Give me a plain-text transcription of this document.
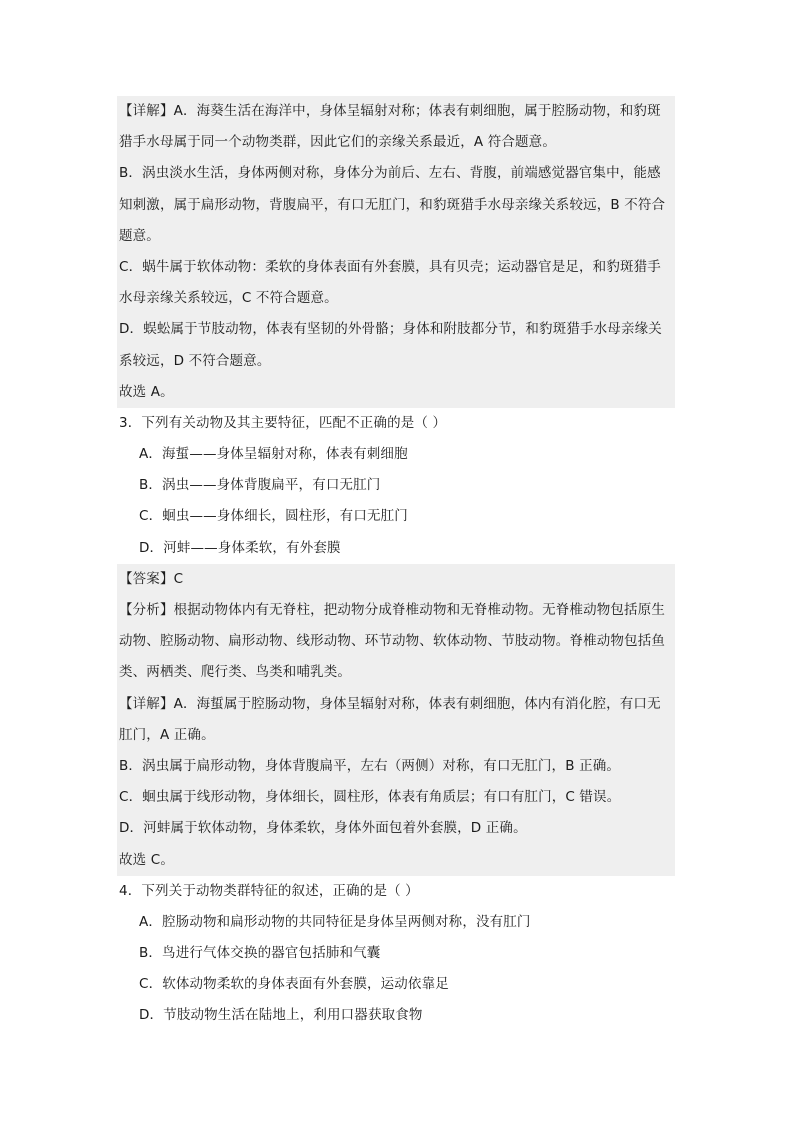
【详解】A．海葵生活在海洋中，身体呈辐射对称；体表有刺细胞，属于腔肠动物，和豹斑
猎手水母属于同一个动物类群，因此它们的亲缘关系最近，A 符合题意。
B．涡虫淡水生活，身体两侧对称，身体分为前后、左右、背腹，前端感觉器官集中，能感
知刺激，属于扁形动物，背腹扁平，有口无肛门，和豹斑猎手水母亲缘关系较远，B 不符合
题意。
C．蜗牛属于软体动物：柔软的身体表面有外套膜，具有贝壳；运动器官是足，和豹斑猎手
水母亲缘关系较远，C 不符合题意。
D．蜈蚣属于节肢动物，体表有坚韧的外骨骼；身体和附肢都分节，和豹斑猎手水母亲缘关
系较远，D 不符合题意。
故选 A。
3．下列有关动物及其主要特征，匹配不正确的是（ ）
A．海蜇——身体呈辐射对称，体表有刺细胞
B．涡虫——身体背腹扁平，有口无肛门
C．蛔虫——身体细长，圆柱形，有口无肛门
D．河蚌——身体柔软，有外套膜
【答案】C
【分析】根据动物体内有无脊柱，把动物分成脊椎动物和无脊椎动物。无脊椎动物包括原生
动物、腔肠动物、扁形动物、线形动物、环节动物、软体动物、节肢动物。脊椎动物包括鱼
类、两栖类、爬行类、鸟类和哺乳类。
【详解】A．海蜇属于腔肠动物，身体呈辐射对称，体表有刺细胞，体内有消化腔，有口无
肛门，A 正确。
B．涡虫属于扁形动物，身体背腹扁平，左右（两侧）对称，有口无肛门，B 正确。
C．蛔虫属于线形动物，身体细长，圆柱形，体表有角质层；有口有肛门，C 错误。
D．河蚌属于软体动物，身体柔软，身体外面包着外套膜，D 正确。
故选 C。
4．下列关于动物类群特征的叙述，正确的是（ ）
A．腔肠动物和扁形动物的共同特征是身体呈两侧对称，没有肛门
B．鸟进行气体交换的器官包括肺和气囊
C．软体动物柔软的身体表面有外套膜，运动依靠足
D．节肢动物生活在陆地上，利用口器获取食物
